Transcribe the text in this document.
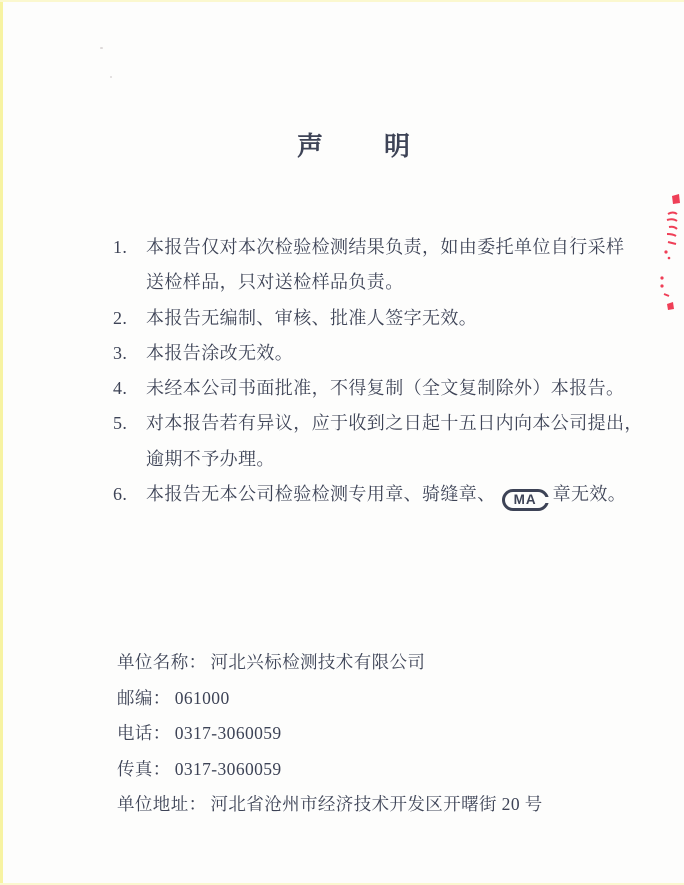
声　　明
1.	本报告仅对本次检验检测结果负责，如由委托单位自行采样
送检样品，只对送检样品负责。
2.	本报告无编制、审核、批准人签字无效。
3.	本报告涂改无效。
4.	未经本公司书面批准，不得复制（全文复制除外）本报告。
5.	对本报告若有异议，应于收到之日起十五日内向本公司提出，
逾期不予办理。
6.	本报告无本公司检验检测专用章、骑缝章、 MA 章无效。
单位名称： 河北兴标检测技术有限公司
邮编： 061000
电话： 0317-3060059
传真： 0317-3060059
单位地址： 河北省沧州市经济技术开发区开曙街 20 号
